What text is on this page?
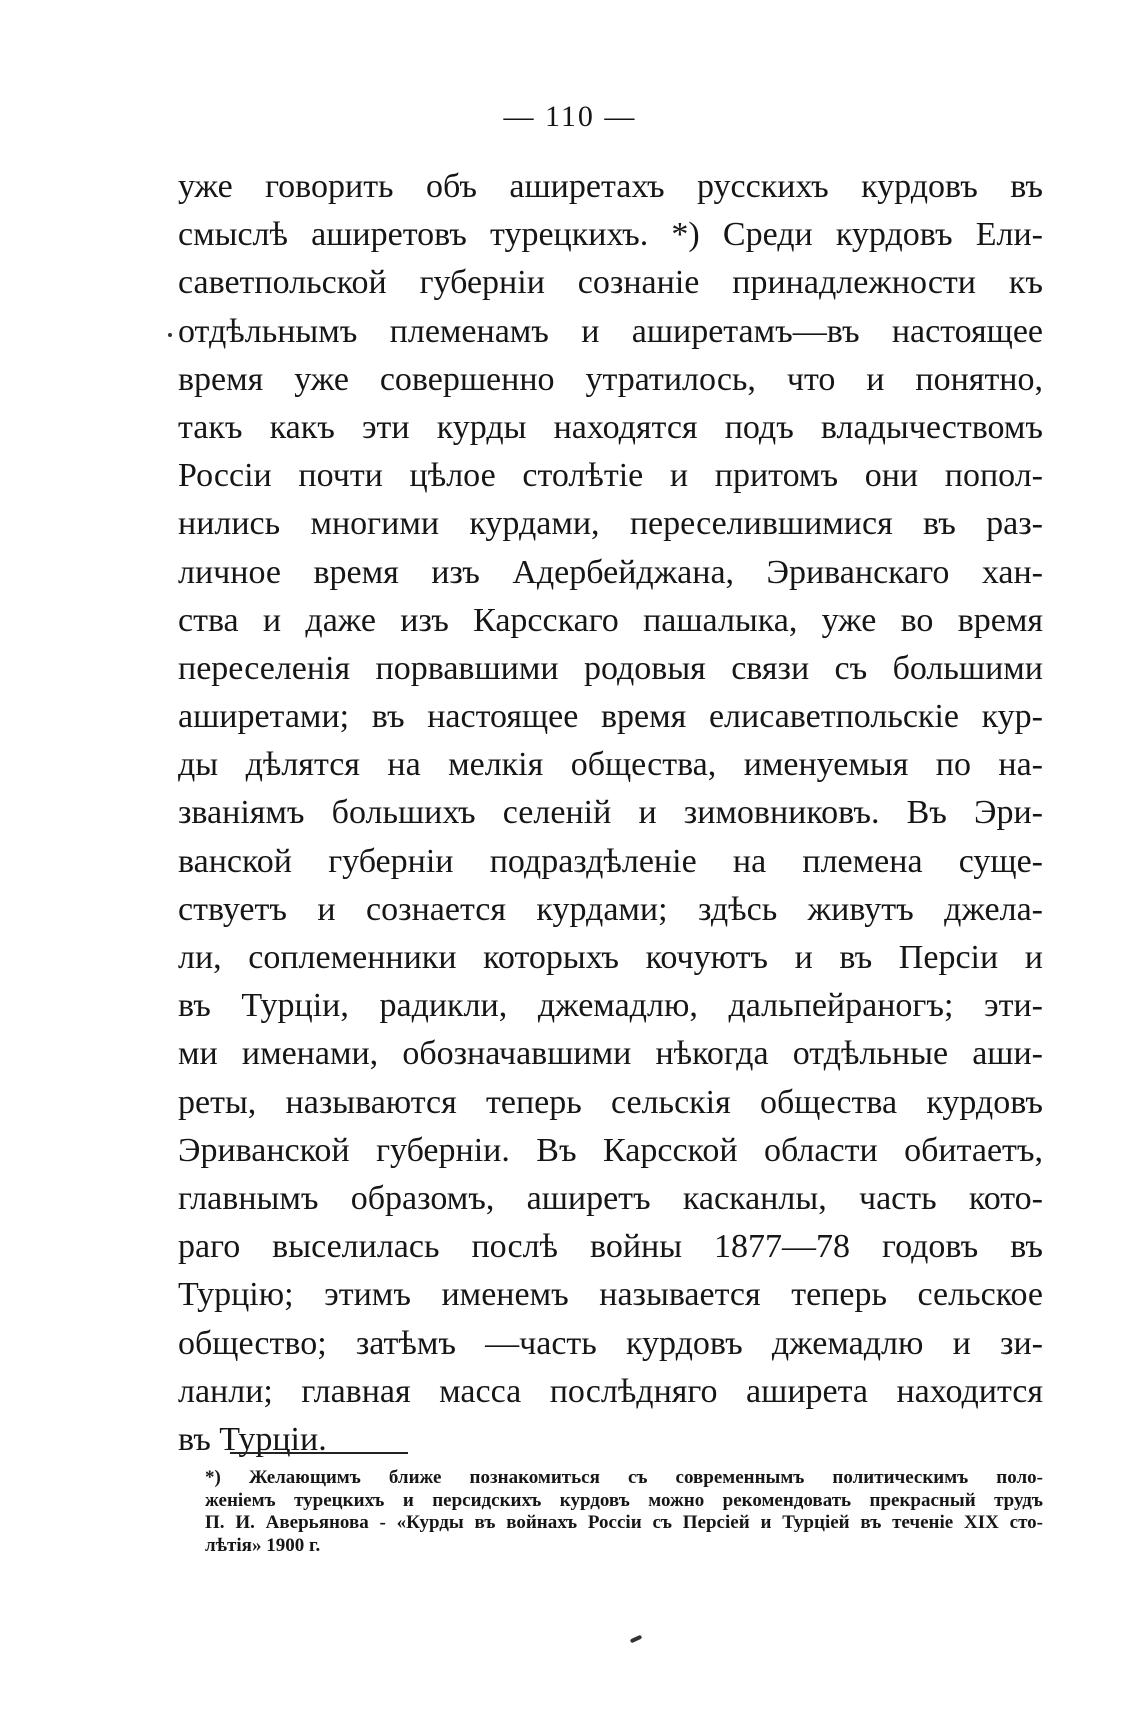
— 110 —
уже говорить объ аширетахъ русскихъ курдовъ въ
смыслѣ аширетовъ турецкихъ. *) Среди курдовъ Ели-
саветпольской губерніи сознаніе принадлежности къ
отдѣльнымъ племенамъ и аширетамъ—въ настоящее
время уже совершенно утратилось, что и понятно,
такъ какъ эти курды находятся подъ владычествомъ
Россіи почти цѣлое столѣтіе и притомъ они попол-
нились многими курдами, переселившимися въ раз-
личное время изъ Адербейджана, Эриванскаго хан-
ства и даже изъ Карсскаго пашалыка, уже во время
переселенія порвавшими родовыя связи съ большими
аширетами; въ настоящее время елисаветпольскіе кур-
ды дѣлятся на мелкія общества, именуемыя по на-
званіямъ большихъ селеній и зимовниковъ. Въ Эри-
ванской губерніи подраздѣленіе на племена суще-
ствуетъ и сознается курдами; здѣсь живутъ джела-
ли, соплеменники которыхъ кочуютъ и въ Персіи и
въ Турціи, радикли, джемадлю, дальпейраногъ; эти-
ми именами, обозначавшими нѣкогда отдѣльные аши-
реты, называются теперь сельскія общества курдовъ
Эриванской губерніи. Въ Карсской области обитаетъ,
главнымъ образомъ, аширетъ касканлы, часть кото-
раго выселилась послѣ войны 1877—78 годовъ въ
Турцію; этимъ именемъ называется теперь сельское
общество; затѣмъ —часть курдовъ джемадлю и зи-
ланли; главная масса послѣдняго аширета находится
въ Турціи.
*) Желающимъ ближе познакомиться съ современнымъ политическимъ поло-
женіемъ турецкихъ и персидскихъ курдовъ можно рекомендовать прекрасный трудъ
П. И. Аверьянова - «Курды въ войнахъ Россіи съ Персіей и Турціей въ теченіе XIX сто-
лѣтія» 1900 г.
